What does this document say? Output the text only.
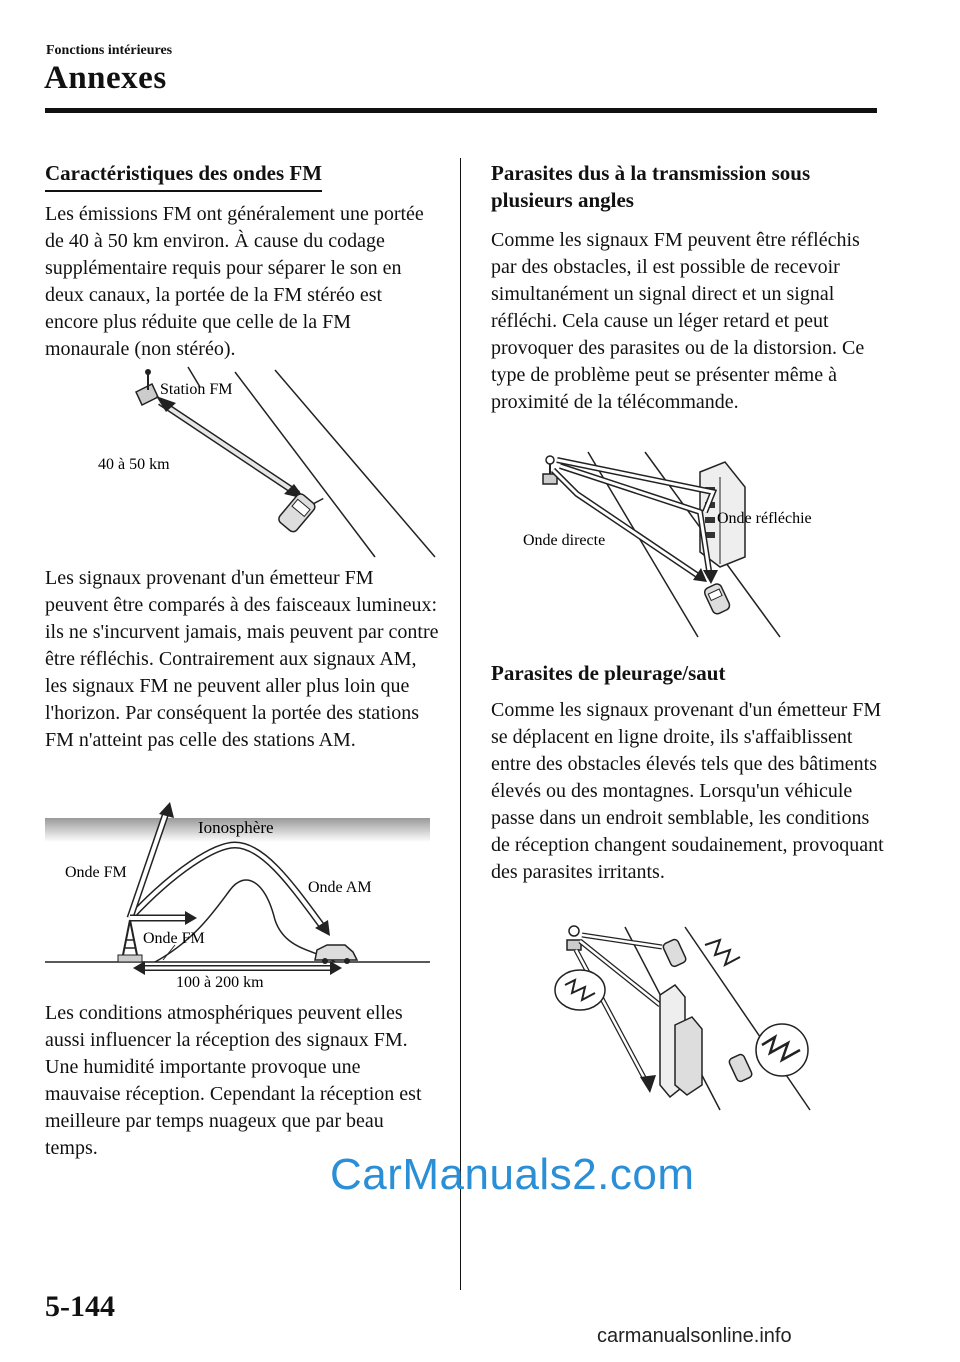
Fonctions intérieures
Annexes
Caractéristiques des ondes FM
Les émissions FM ont généralement une portée de 40 à 50 km environ. À cause du codage supplémentaire requis pour séparer le son en deux canaux, la portée de la FM stéréo est encore plus réduite que celle de la FM monaurale (non stéréo).
Station FM
40 à 50 km
Les signaux provenant d'un émetteur FM peuvent être comparés à des faisceaux lumineux: ils ne s'incurvent jamais, mais peuvent par contre être réfléchis. Contrairement aux signaux AM, les signaux FM ne peuvent aller plus loin que l'horizon. Par conséquent la portée des stations FM n'atteint pas celle des stations AM.
Ionosphère
Onde FM
Onde AM
Onde FM
100 à 200 km
Les conditions atmosphériques peuvent elles aussi influencer la réception des signaux FM. Une humidité importante provoque une mauvaise réception. Cependant la réception est meilleure par temps nuageux que par beau temps.
Parasites dus à la transmission sous plusieurs angles
Comme les signaux FM peuvent être réfléchis par des obstacles, il est possible de recevoir simultanément un signal direct et un signal réfléchi. Cela cause un léger retard et peut provoquer des parasites ou de la distorsion. Ce type de problème peut se présenter même à proximité de la télécommande.
Onde réfléchie
Onde directe
Parasites de pleurage/saut
Comme les signaux provenant d'un émetteur FM se déplacent en ligne droite, ils s'affaiblissent entre des obstacles élevés tels que des bâtiments élevés ou des montagnes. Lorsqu'un véhicule passe dans un endroit semblable, les conditions de réception changent soudainement, provoquant des parasites irritants.
CarManuals2.com
5-144
carmanualsonline.info
